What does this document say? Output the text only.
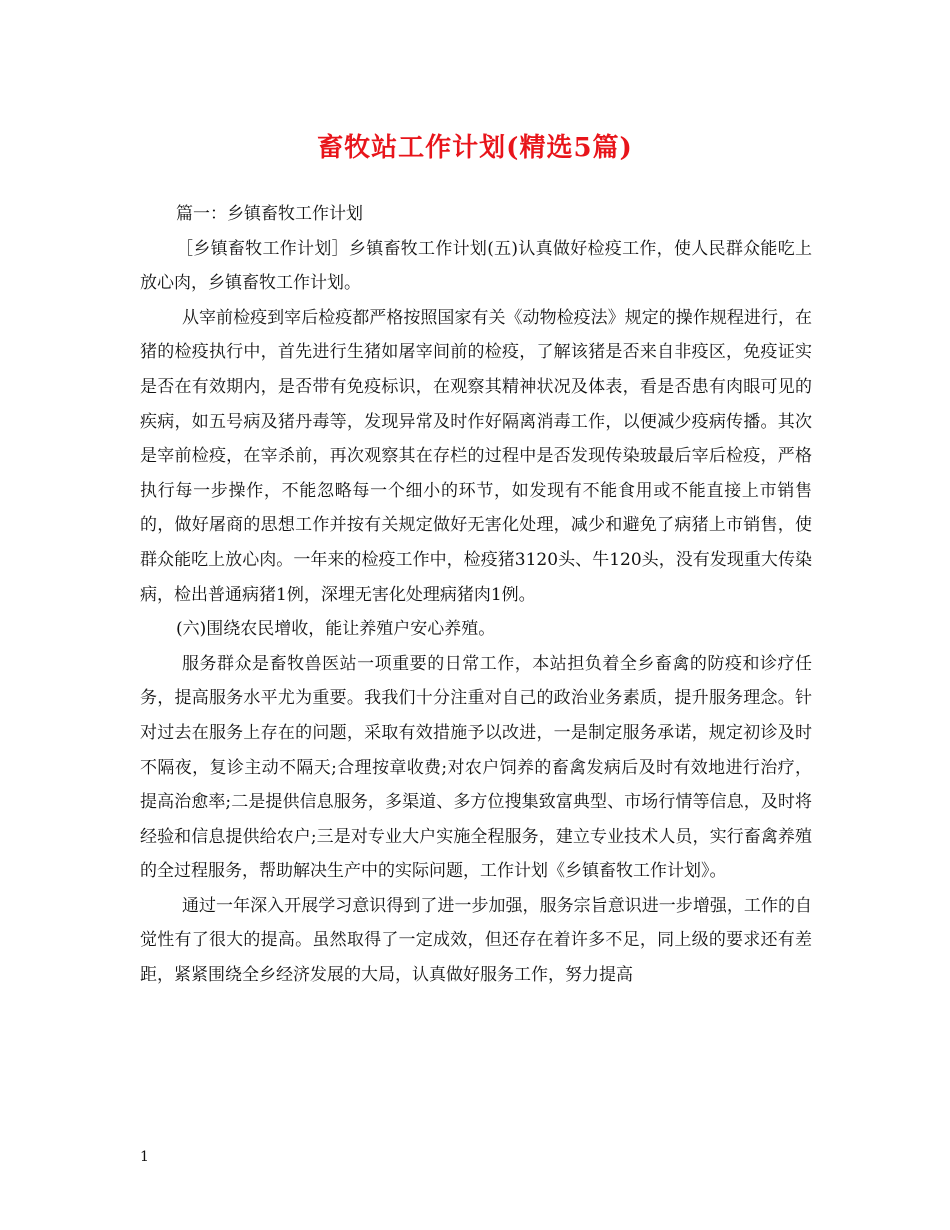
畜牧站工作计划(精选5篇)

篇一：乡镇畜牧工作计划

［乡镇畜牧工作计划］乡镇畜牧工作计划(五)认真做好检疫工作，使人民群众能吃上放心肉，乡镇畜牧工作计划。

从宰前检疫到宰后检疫都严格按照国家有关《动物检疫法》规定的操作规程进行，在猪的检疫执行中，首先进行生猪如屠宰间前的检疫，了解该猪是否来自非疫区，免疫证实是否在有效期内，是否带有免疫标识，在观察其精神状况及体表，看是否患有肉眼可见的疾病，如五号病及猪丹毒等，发现异常及时作好隔离消毒工作，以便减少疫病传播。其次是宰前检疫，在宰杀前，再次观察其在存栏的过程中是否发现传染玻最后宰后检疫，严格执行每一步操作，不能忽略每一个细小的环节，如发现有不能食用或不能直接上市销售的，做好屠商的思想工作并按有关规定做好无害化处理，减少和避免了病猪上市销售，使群众能吃上放心肉。一年来的检疫工作中，检疫猪3120头、牛120头，没有发现重大传染病，检出普通病猪1例，深埋无害化处理病猪肉1例。

(六)围绕农民增收，能让养殖户安心养殖。

服务群众是畜牧兽医站一项重要的日常工作，本站担负着全乡畜禽的防疫和诊疗任务，提高服务水平尤为重要。我我们十分注重对自己的政治业务素质，提升服务理念。针对过去在服务上存在的问题，采取有效措施予以改进，一是制定服务承诺，规定初诊及时不隔夜，复诊主动不隔天;合理按章收费;对农户饲养的畜禽发病后及时有效地进行治疗，提高治愈率;二是提供信息服务，多渠道、多方位搜集致富典型、市场行情等信息，及时将经验和信息提供给农户;三是对专业大户实施全程服务，建立专业技术人员，实行畜禽养殖的全过程服务，帮助解决生产中的实际问题，工作计划《乡镇畜牧工作计划》。

通过一年深入开展学习意识得到了进一步加强，服务宗旨意识进一步增强，工作的自觉性有了很大的提高。虽然取得了一定成效，但还存在着许多不足，同上级的要求还有差距，紧紧围绕全乡经济发展的大局，认真做好服务工作，努力提高

1
